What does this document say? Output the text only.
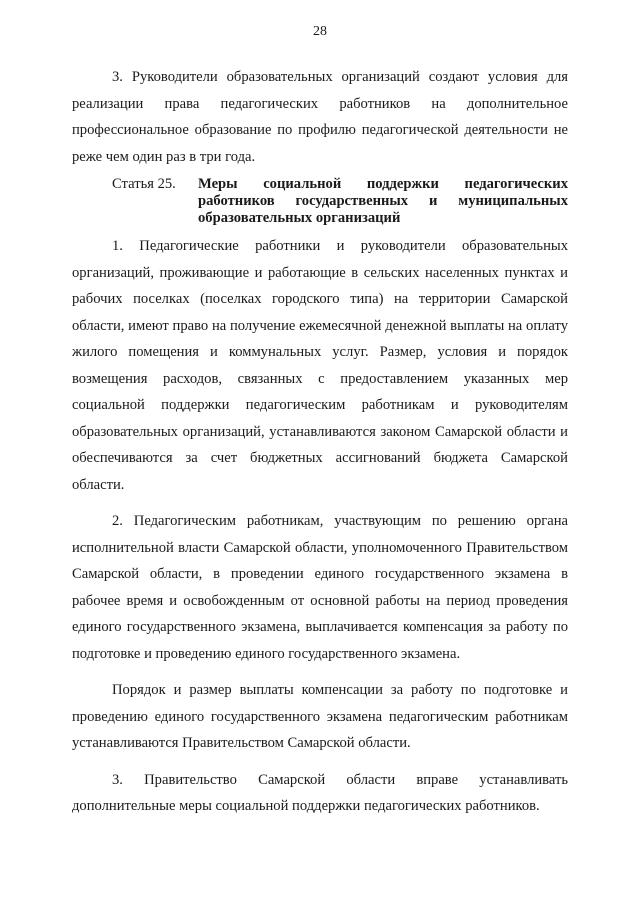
28

3. Руководители образовательных организаций создают условия для реализации права педагогических работников на дополнительное профессиональное образование по профилю педагогической деятельности не реже чем один раз в три года.

Статья 25.	Меры социальной поддержки педагогических работников государственных и муниципальных образовательных организаций

1. Педагогические работники и руководители образовательных организаций, проживающие и работающие в сельских населенных пунктах и рабочих поселках (поселках городского типа) на территории Самарской области, имеют право на получение ежемесячной денежной выплаты на оплату жилого помещения и коммунальных услуг. Размер, условия и порядок возмещения расходов, связанных с предоставлением указанных мер социальной поддержки педагогическим работникам и руководителям образовательных организаций, устанавливаются законом Самарской области и обеспечиваются за счет бюджетных ассигнований бюджета Самарской области.

2. Педагогическим работникам, участвующим по решению органа исполнительной власти Самарской области, уполномоченного Правительством Самарской области, в проведении единого государственного экзамена в рабочее время и освобожденным от основной работы на период проведения единого государственного экзамена, выплачивается компенсация за работу по подготовке и проведению единого государственного экзамена.

Порядок и размер выплаты компенсации за работу по подготовке и проведению единого государственного экзамена педагогическим работникам устанавливаются Правительством Самарской области.

3. Правительство Самарской области вправе устанавливать дополнительные меры социальной поддержки педагогических работников.
